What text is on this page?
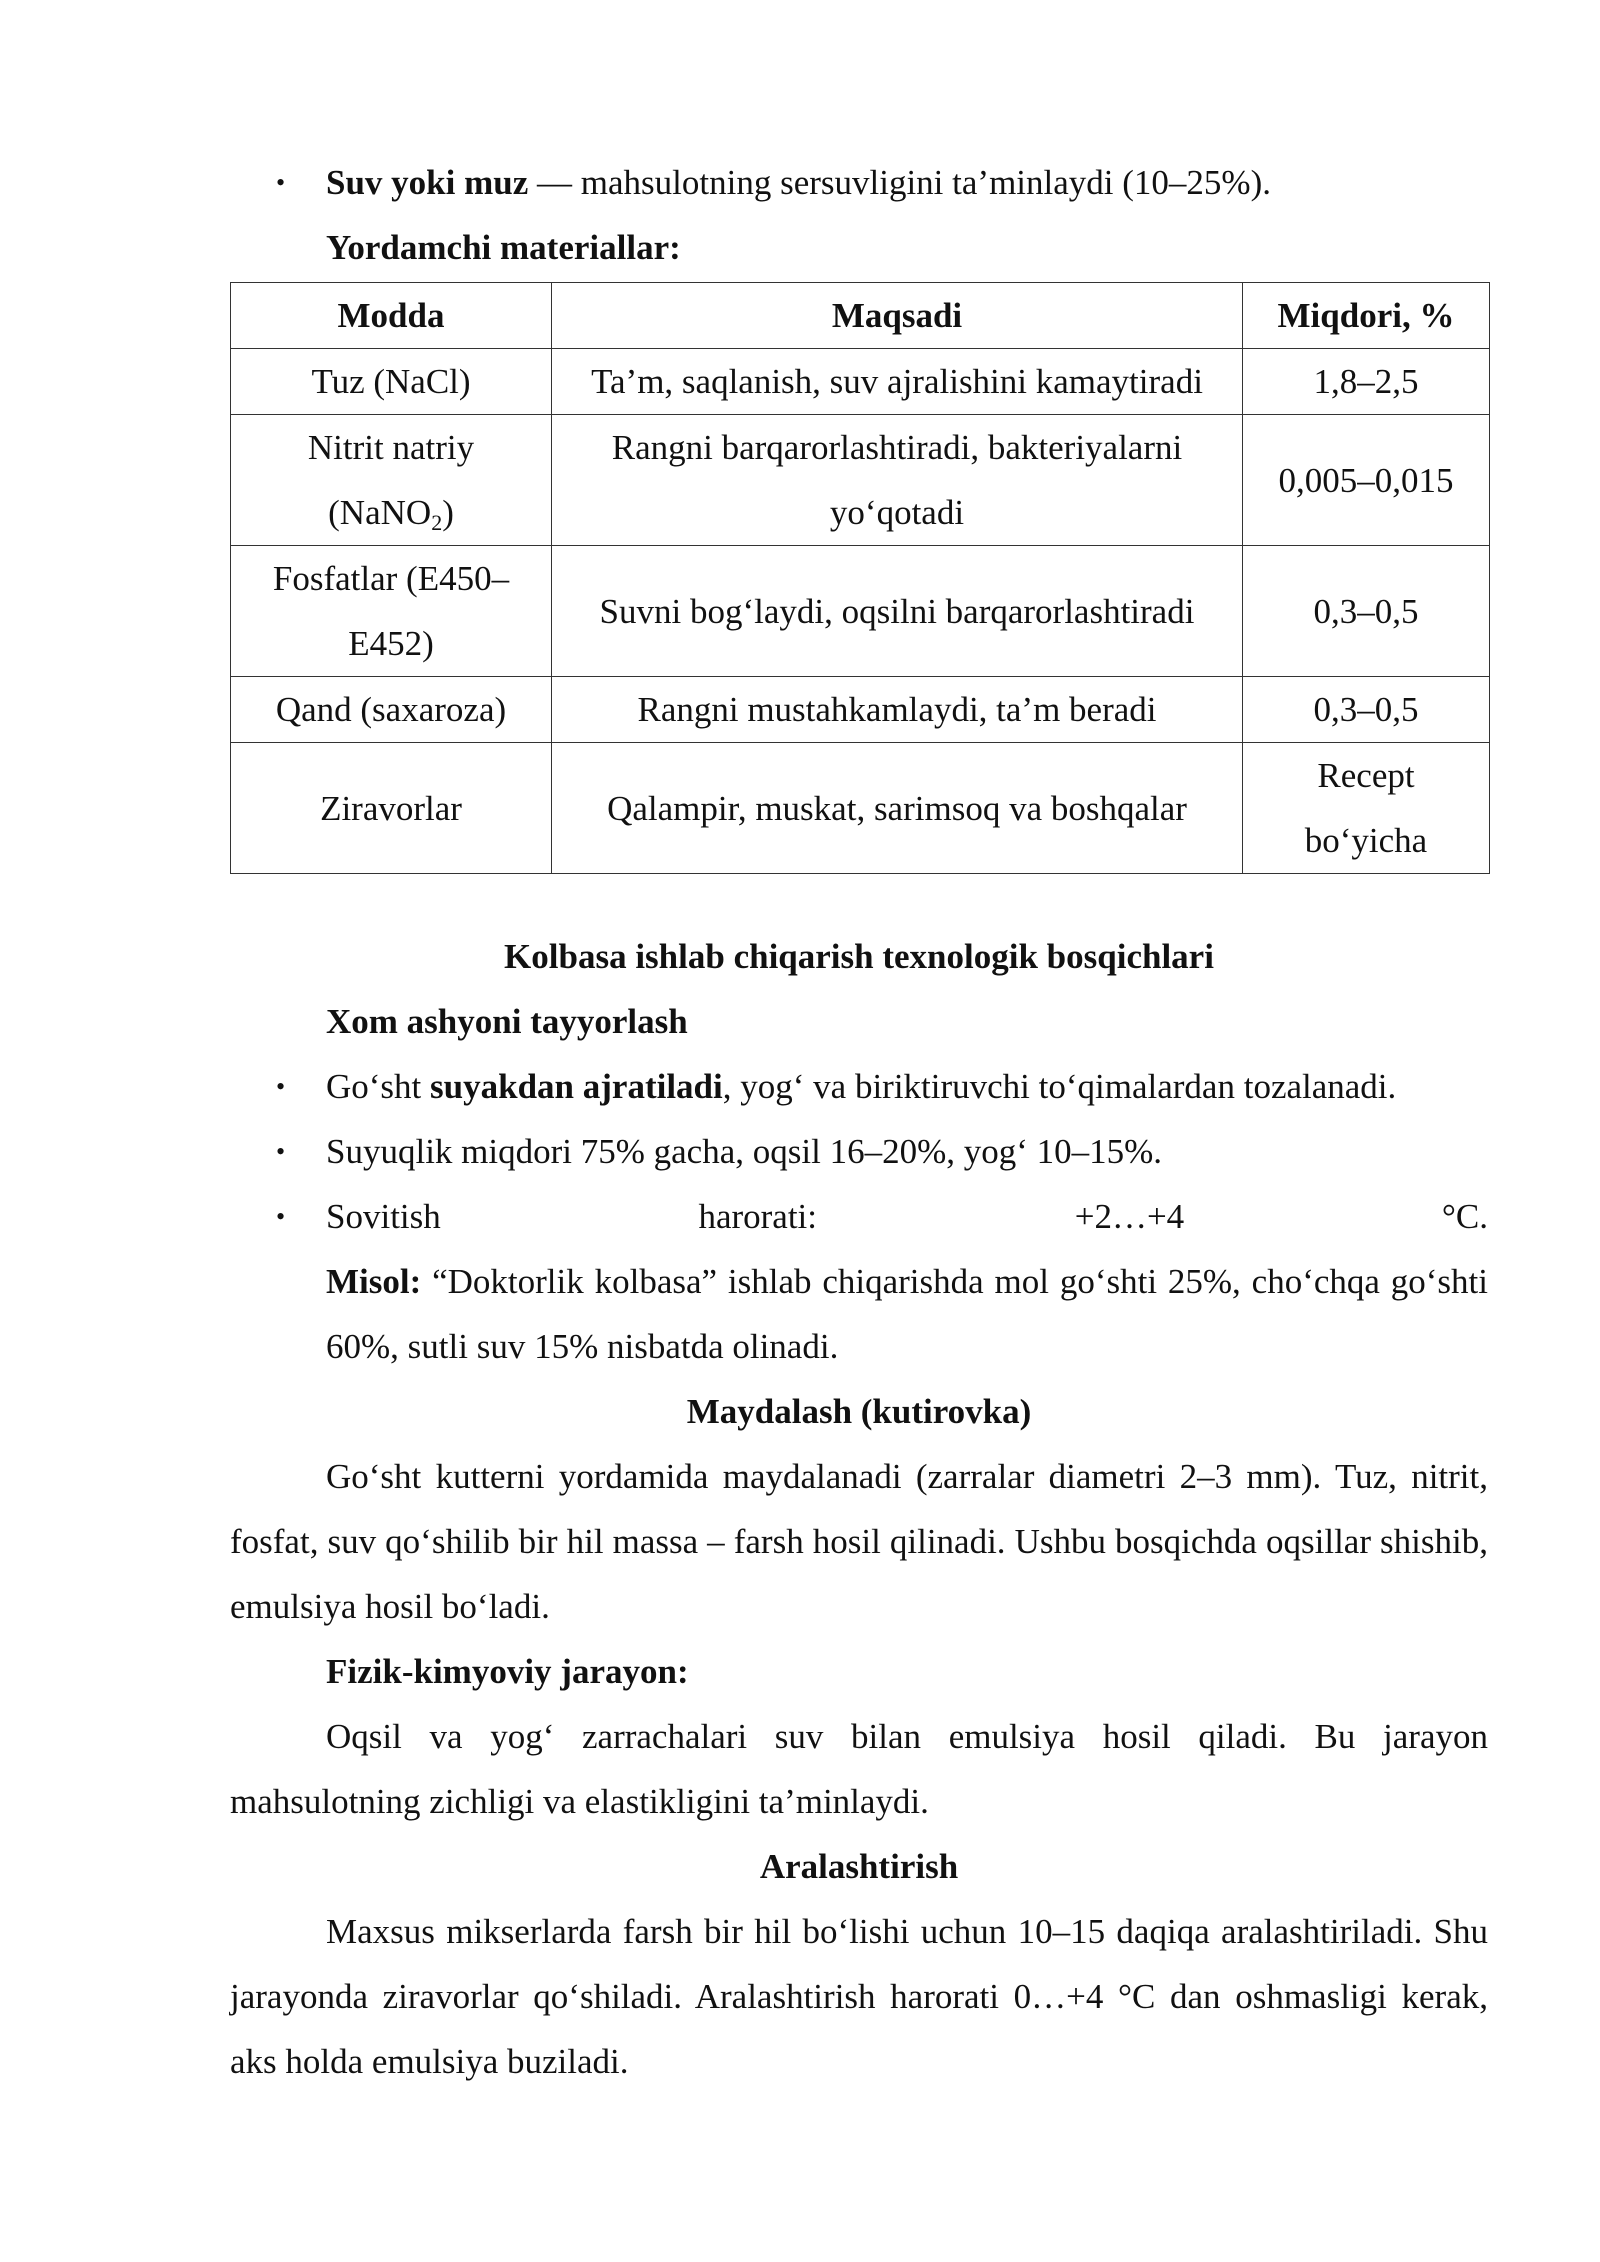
• Suv yoki muz — mahsulotning sersuvligini ta’minlaydi (10–25%).

Yordamchi materiallar:

Modda	Maqsadi	Miqdori, %
Tuz (NaCl)	Ta’m, saqlanish, suv ajralishini kamaytiradi	1,8–2,5
Nitrit natriy (NaNO$_2$)	Rangni barqarorlashtiradi, bakteriyalarni yo‘qotadi	0,005–0,015
Fosfatlar (E450–E452)	Suvni bog‘laydi, oqsilni barqarorlashtiradi	0,3–0,5
Qand (saxaroza)	Rangni mustahkamlaydi, ta’m beradi	0,3–0,5
Ziravorlar	Qalampir, muskat, sarimsoq va boshqalar	Recept bo‘yicha

Kolbasa ishlab chiqarish texnologik bosqichlari

Xom ashyoni tayyorlash

• Go‘sht suyakdan ajratiladi, yog‘ va biriktiruvchi to‘qimalardan tozalanadi.

• Suyuqlik miqdori 75% gacha, oqsil 16–20%, yog‘ 10–15%.

• Sovitish	harorati:	+2…+4	°C.

Misol: “Doktorlik kolbasa” ishlab chiqarishda mol go‘shti 25%, cho‘chqa go‘shti 60%, sutli suv 15% nisbatda olinadi.

Maydalash (kutirovka)

Go‘sht kutterni yordamida maydalanadi (zarralar diametri 2–3 mm). Tuz, nitrit, fosfat, suv qo‘shilib bir hil massa – farsh hosil qilinadi. Ushbu bosqichda oqsillar shishib, emulsiya hosil bo‘ladi.

Fizik-kimyoviy jarayon:

Oqsil va yog‘ zarrachalari suv bilan emulsiya hosil qiladi. Bu jarayon mahsulotning zichligi va elastikligini ta’minlaydi.

Aralashtirish

Maxsus mikserlarda farsh bir hil bo‘lishi uchun 10–15 daqiqa aralashtiriladi. Shu jarayonda ziravorlar qo‘shiladi. Aralashtirish harorati 0…+4 °C dan oshmasligi kerak, aks holda emulsiya buziladi.
